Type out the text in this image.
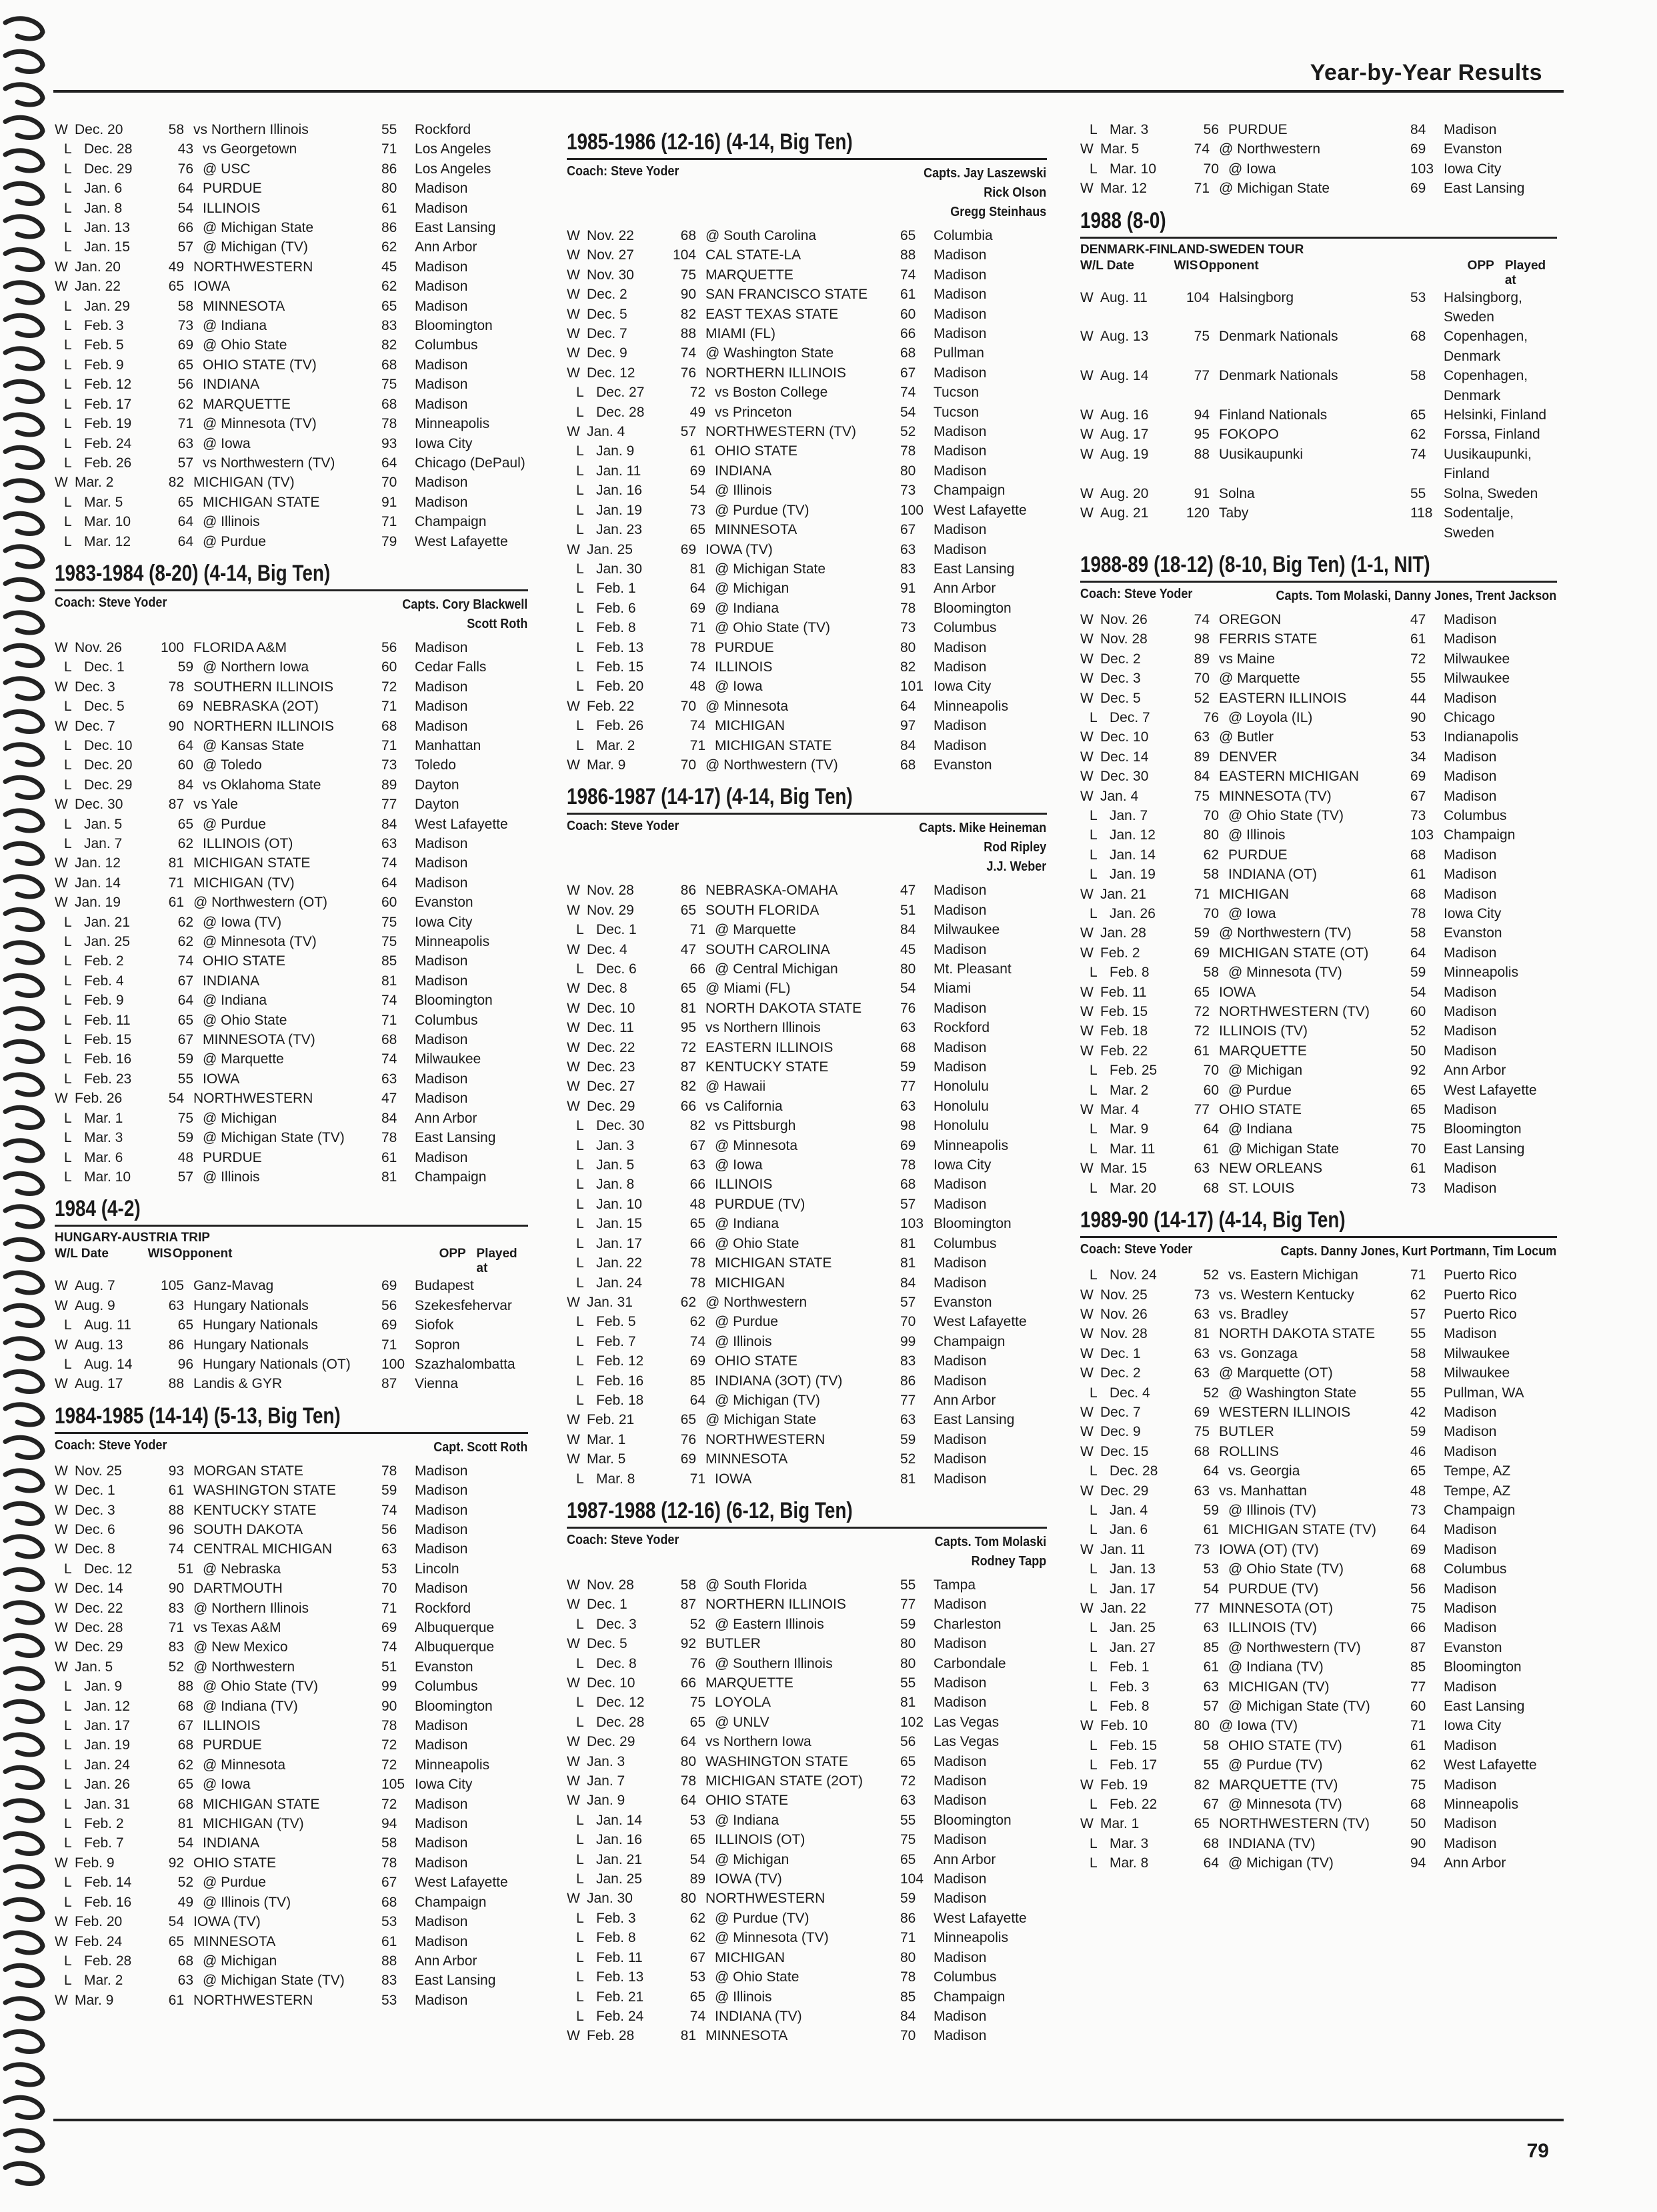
Year-by-Year Results
W Dec. 20	58 vs Northern Illinois	55	Rockford
L Dec. 28	43 vs Georgetown	71	Los Angeles
L Dec. 29	76 @ USC	86	Los Angeles
L Jan. 6	64 PURDUE	80	Madison
L Jan. 8	54 ILLINOIS	61	Madison
L Jan. 13	66 @ Michigan State	86	East Lansing
L Jan. 15	57 @ Michigan (TV)	62	Ann Arbor
W Jan. 20	49 NORTHWESTERN	45	Madison
W Jan. 22	65 IOWA	62	Madison
L Jan. 29	58 MINNESOTA	65	Madison
L Feb. 3	73 @ Indiana	83	Bloomington
L Feb. 5	69 @ Ohio State	82	Columbus
L Feb. 9	65 OHIO STATE (TV)	68	Madison
L Feb. 12	56 INDIANA	75	Madison
L Feb. 17	62 MARQUETTE	68	Madison
L Feb. 19	71 @ Minnesota (TV)	78	Minneapolis
L Feb. 24	63 @ Iowa	93	Iowa City
L Feb. 26	57 vs Northwestern (TV)	64	Chicago (DePaul)
W Mar. 2	82 MICHIGAN (TV)	70	Madison
L Mar. 5	65 MICHIGAN STATE	91	Madison
L Mar. 10	64 @ Illinois	71	Champaign
L Mar. 12	64 @ Purdue	79	West Lafayette
1983-1984 (8-20) (4-14, Big Ten)
Coach: Steve Yoder	Capts. Cory Blackwell
Scott Roth
W Nov. 26	100 FLORIDA A&M	56	Madison
L Dec. 1	59 @ Northern Iowa	60	Cedar Falls
W Dec. 3	78 SOUTHERN ILLINOIS	72	Madison
L Dec. 5	69 NEBRASKA (2OT)	71	Madison
W Dec. 7	90 NORTHERN ILLINOIS	68	Madison
L Dec. 10	64 @ Kansas State	71	Manhattan
L Dec. 20	60 @ Toledo	73	Toledo
L Dec. 29	84 vs Oklahoma State	89	Dayton
W Dec. 30	87 vs Yale	77	Dayton
L Jan. 5	65 @ Purdue	84	West Lafayette
L Jan. 7	62 ILLINOIS (OT)	63	Madison
W Jan. 12	81 MICHIGAN STATE	74	Madison
W Jan. 14	71 MICHIGAN (TV)	64	Madison
W Jan. 19	61 @ Northwestern (OT)	60	Evanston
L Jan. 21	62 @ Iowa (TV)	75	Iowa City
L Jan. 25	62 @ Minnesota (TV)	75	Minneapolis
L Feb. 2	74 OHIO STATE	85	Madison
L Feb. 4	67 INDIANA	81	Madison
L Feb. 9	64 @ Indiana	74	Bloomington
L Feb. 11	65 @ Ohio State	71	Columbus
L Feb. 15	67 MINNESOTA (TV)	68	Madison
L Feb. 16	59 @ Marquette	74	Milwaukee
L Feb. 23	55 IOWA	63	Madison
W Feb. 26	54 NORTHWESTERN	47	Madison
L Mar. 1	75 @ Michigan	84	Ann Arbor
L Mar. 3	59 @ Michigan State (TV)	78	East Lansing
L Mar. 6	48 PURDUE	61	Madison
L Mar. 10	57 @ Illinois	81	Champaign
1984 (4-2)
HUNGARY-AUSTRIA TRIP
W/L Date	WIS Opponent	OPP Played at
W Aug. 7	105 Ganz-Mavag	69	Budapest
W Aug. 9	63 Hungary Nationals	56	Szekesfehervar
L Aug. 11	65 Hungary Nationals	69	Siofok
W Aug. 13	86 Hungary Nationals	71	Sopron
L Aug. 14	96 Hungary Nationals (OT)	100 Szazhalombatta
W Aug. 17	88 Landis & GYR	87	Vienna
1984-1985 (14-14) (5-13, Big Ten)
Coach: Steve Yoder	Capt. Scott Roth
W Nov. 25	93 MORGAN STATE	78	Madison
W Dec. 1	61 WASHINGTON STATE	59	Madison
W Dec. 3	88 KENTUCKY STATE	74	Madison
W Dec. 6	96 SOUTH DAKOTA	56	Madison
W Dec. 8	74 CENTRAL MICHIGAN	63	Madison
L Dec. 12	51 @ Nebraska	53	Lincoln
W Dec. 14	90 DARTMOUTH	70	Madison
W Dec. 22	83 @ Northern Illinois	71	Rockford
W Dec. 28	71 vs Texas A&M	69	Albuquerque
W Dec. 29	83 @ New Mexico	74	Albuquerque
W Jan. 5	52 @ Northwestern	51	Evanston
L Jan. 9	88 @ Ohio State (TV)	99	Columbus
L Jan. 12	68 @ Indiana (TV)	90	Bloomington
L Jan. 17	67 ILLINOIS	78	Madison
L Jan. 19	68 PURDUE	72	Madison
L Jan. 24	62 @ Minnesota	72	Minneapolis
L Jan. 26	65 @ Iowa	105 Iowa City
L Jan. 31	68 MICHIGAN STATE	72	Madison
L Feb. 2	81 MICHIGAN (TV)	94	Madison
L Feb. 7	54 INDIANA	58	Madison
W Feb. 9	92 OHIO STATE	78	Madison
L Feb. 14	52 @ Purdue	67	West Lafayette
L Feb. 16	49 @ Illinois (TV)	68	Champaign
W Feb. 20	54 IOWA (TV)	53	Madison
W Feb. 24	65 MINNESOTA	61	Madison
L Feb. 28	68 @ Michigan	88	Ann Arbor
L Mar. 2	63 @ Michigan State (TV)	83	East Lansing
W Mar. 9	61 NORTHWESTERN	53	Madison
1985-1986 (12-16) (4-14, Big Ten)
Coach: Steve Yoder	Capts. Jay Laszewski
Rick Olson
Gregg Steinhaus
W Nov. 22	68 @ South Carolina	65	Columbia
W Nov. 27	104 CAL STATE-LA	88	Madison
W Nov. 30	75 MARQUETTE	74	Madison
W Dec. 2	90 SAN FRANCISCO STATE	61	Madison
W Dec. 5	82 EAST TEXAS STATE	60	Madison
W Dec. 7	88 MIAMI (FL)	66	Madison
W Dec. 9	74 @ Washington State	68	Pullman
W Dec. 12	76 NORTHERN ILLINOIS	67	Madison
L Dec. 27	72 vs Boston College	74	Tucson
L Dec. 28	49 vs Princeton	54	Tucson
W Jan. 4	57 NORTHWESTERN (TV)	52	Madison
L Jan. 9	61 OHIO STATE	78	Madison
L Jan. 11	69 INDIANA	80	Madison
L Jan. 16	54 @ Illinois	73	Champaign
L Jan. 19	73 @ Purdue (TV)	100 West Lafayette
L Jan. 23	65 MINNESOTA	67	Madison
W Jan. 25	69 IOWA (TV)	63	Madison
L Jan. 30	81 @ Michigan State	83	East Lansing
L Feb. 1	64 @ Michigan	91	Ann Arbor
L Feb. 6	69 @ Indiana	78	Bloomington
L Feb. 8	71 @ Ohio State (TV)	73	Columbus
L Feb. 13	78 PURDUE	80	Madison
L Feb. 15	74 ILLINOIS	82	Madison
L Feb. 20	48 @ Iowa	101 Iowa City
W Feb. 22	70 @ Minnesota	64	Minneapolis
L Feb. 26	74 MICHIGAN	97	Madison
L Mar. 2	71 MICHIGAN STATE	84	Madison
W Mar. 9	70 @ Northwestern (TV)	68	Evanston
1986-1987 (14-17) (4-14, Big Ten)
Coach: Steve Yoder	Capts. Mike Heineman
Rod Ripley
J.J. Weber
W Nov. 28	86 NEBRASKA-OMAHA	47	Madison
W Nov. 29	65 SOUTH FLORIDA	51	Madison
L Dec. 1	71 @ Marquette	84	Milwaukee
W Dec. 4	47 SOUTH CAROLINA	45	Madison
L Dec. 6	66 @ Central Michigan	80	Mt. Pleasant
W Dec. 8	65 @ Miami (FL)	54	Miami
W Dec. 10	81 NORTH DAKOTA STATE	76	Madison
W Dec. 11	95 vs Northern Illinois	63	Rockford
W Dec. 22	72 EASTERN ILLINOIS	68	Madison
W Dec. 23	87 KENTUCKY STATE	59	Madison
W Dec. 27	82 @ Hawaii	77	Honolulu
W Dec. 29	66 vs California	63	Honolulu
L Dec. 30	82 vs Pittsburgh	98	Honolulu
L Jan. 3	67 @ Minnesota	69	Minneapolis
L Jan. 5	63 @ Iowa	78	Iowa City
L Jan. 8	66 ILLINOIS	68	Madison
L Jan. 10	48 PURDUE (TV)	57	Madison
L Jan. 15	65 @ Indiana	103 Bloomington
L Jan. 17	66 @ Ohio State	81	Columbus
L Jan. 22	78 MICHIGAN STATE	81	Madison
L Jan. 24	78 MICHIGAN	84	Madison
W Jan. 31	62 @ Northwestern	57	Evanston
L Feb. 5	62 @ Purdue	70	West Lafayette
L Feb. 7	74 @ Illinois	99	Champaign
L Feb. 12	69 OHIO STATE	83	Madison
L Feb. 16	85 INDIANA (3OT) (TV)	86	Madison
L Feb. 18	64 @ Michigan (TV)	77	Ann Arbor
W Feb. 21	65 @ Michigan State	63	East Lansing
W Mar. 1	76 NORTHWESTERN	59	Madison
W Mar. 5	69 MINNESOTA	52	Madison
L Mar. 8	71 IOWA	81	Madison
1987-1988 (12-16) (6-12, Big Ten)
Coach: Steve Yoder	Capts. Tom Molaski
Rodney Tapp
W Nov. 28	58 @ South Florida	55	Tampa
W Dec. 1	87 NORTHERN ILLINOIS	77	Madison
L Dec. 3	52 @ Eastern Illinois	59	Charleston
W Dec. 5	92 BUTLER	80	Madison
L Dec. 8	76 @ Southern Illinois	80	Carbondale
W Dec. 10	66 MARQUETTE	55	Madison
L Dec. 12	75 LOYOLA	81	Madison
L Dec. 28	65 @ UNLV	102 Las Vegas
W Dec. 29	64 vs Northern Iowa	56	Las Vegas
W Jan. 3	80 WASHINGTON STATE	65	Madison
W Jan. 7	78 MICHIGAN STATE (2OT)	72	Madison
W Jan. 9	64 OHIO STATE	63	Madison
L Jan. 14	53 @ Indiana	55	Bloomington
L Jan. 16	65 ILLINOIS (OT)	75	Madison
L Jan. 21	54 @ Michigan	65	Ann Arbor
L Jan. 25	89 IOWA (TV)	104 Madison
W Jan. 30	80 NORTHWESTERN	59	Madison
L Feb. 3	62 @ Purdue (TV)	86	West Lafayette
L Feb. 8	62 @ Minnesota (TV)	71	Minneapolis
L Feb. 11	67 MICHIGAN	80	Madison
L Feb. 13	53 @ Ohio State	78	Columbus
L Feb. 21	65 @ Illinois	85	Champaign
L Feb. 24	74 INDIANA (TV)	84	Madison
W Feb. 28	81 MINNESOTA	70	Madison
L Mar. 3	56 PURDUE	84	Madison
W Mar. 5	74 @ Northwestern	69	Evanston
L Mar. 10	70 @ Iowa	103 Iowa City
W Mar. 12	71 @ Michigan State	69	East Lansing
1988 (8-0)
DENMARK-FINLAND-SWEDEN TOUR
W/L Date	WIS Opponent	OPP Played at
W Aug. 11	104 Halsingborg	53	Halsingborg, Sweden
W Aug. 13	75 Denmark Nationals	68	Copenhagen, Denmark
W Aug. 14	77 Denmark Nationals	58	Copenhagen, Denmark
W Aug. 16	94 Finland Nationals	65	Helsinki, Finland
W Aug. 17	95 FOKOPO	62	Forssa, Finland
W Aug. 19	88 Uusikaupunki	74	Uusikaupunki, Finland
W Aug. 20	91 Solna	55	Solna, Sweden
W Aug. 21	120 Taby	118 Sodentalje, Sweden
1988-89 (18-12) (8-10, Big Ten) (1-1, NIT)
Coach: Steve Yoder	Capts. Tom Molaski, Danny Jones, Trent Jackson
W Nov. 26	74 OREGON	47	Madison
W Nov. 28	98 FERRIS STATE	61	Madison
W Dec. 2	89 vs Maine	72	Milwaukee
W Dec. 3	70 @ Marquette	55	Milwaukee
W Dec. 5	52 EASTERN ILLINOIS	44	Madison
L Dec. 7	76 @ Loyola (IL)	90	Chicago
W Dec. 10	63 @ Butler	53	Indianapolis
W Dec. 14	89 DENVER	34	Madison
W Dec. 30	84 EASTERN MICHIGAN	69	Madison
W Jan. 4	75 MINNESOTA (TV)	67	Madison
L Jan. 7	70 @ Ohio State (TV)	73	Columbus
L Jan. 12	80 @ Illinois	103 Champaign
L Jan. 14	62 PURDUE	68	Madison
L Jan. 19	58 INDIANA (OT)	61	Madison
W Jan. 21	71 MICHIGAN	68	Madison
L Jan. 26	70 @ Iowa	78	Iowa City
W Jan. 28	59 @ Northwestern (TV)	58	Evanston
W Feb. 2	69 MICHIGAN STATE (OT)	64	Madison
L Feb. 8	58 @ Minnesota (TV)	59	Minneapolis
W Feb. 11	65 IOWA	54	Madison
W Feb. 15	72 NORTHWESTERN (TV)	60	Madison
W Feb. 18	72 ILLINOIS (TV)	52	Madison
W Feb. 22	61 MARQUETTE	50	Madison
L Feb. 25	70 @ Michigan	92	Ann Arbor
L Mar. 2	60 @ Purdue	65	West Lafayette
W Mar. 4	77 OHIO STATE	65	Madison
L Mar. 9	64 @ Indiana	75	Bloomington
L Mar. 11	61 @ Michigan State	70	East Lansing
W Mar. 15	63 NEW ORLEANS	61	Madison
L Mar. 20	68 ST. LOUIS	73	Madison
1989-90 (14-17) (4-14, Big Ten)
Coach: Steve Yoder	Capts. Danny Jones, Kurt Portmann, Tim Locum
L Nov. 24	52 vs. Eastern Michigan	71	Puerto Rico
W Nov. 25	73 vs. Western Kentucky	62	Puerto Rico
W Nov. 26	63 vs. Bradley	57	Puerto Rico
W Nov. 28	81 NORTH DAKOTA STATE	55	Madison
W Dec. 1	63 vs. Gonzaga	58	Milwaukee
W Dec. 2	63 @ Marquette (OT)	58	Milwaukee
L Dec. 4	52 @ Washington State	55	Pullman, WA
W Dec. 7	69 WESTERN ILLINOIS	42	Madison
W Dec. 9	75 BUTLER	59	Madison
W Dec. 15	68 ROLLINS	46	Madison
L Dec. 28	64 vs. Georgia	65	Tempe, AZ
W Dec. 29	63 vs. Manhattan	48	Tempe, AZ
L Jan. 4	59 @ Illinois (TV)	73	Champaign
L Jan. 6	61 MICHIGAN STATE (TV)	64	Madison
W Jan. 11	73 IOWA (OT) (TV)	69	Madison
L Jan. 13	53 @ Ohio State (TV)	68	Columbus
L Jan. 17	54 PURDUE (TV)	56	Madison
W Jan. 22	77 MINNESOTA (OT)	75	Madison
L Jan. 25	63 ILLINOIS (TV)	66	Madison
L Jan. 27	85 @ Northwestern (TV)	87	Evanston
L Feb. 1	61 @ Indiana (TV)	85	Bloomington
L Feb. 3	63 MICHIGAN (TV)	77	Madison
L Feb. 8	57 @ Michigan State (TV)	60	East Lansing
W Feb. 10	80 @ Iowa (TV)	71	Iowa City
L Feb. 15	58 OHIO STATE (TV)	61	Madison
L Feb. 17	55 @ Purdue (TV)	62	West Lafayette
W Feb. 19	82 MARQUETTE (TV)	75	Madison
L Feb. 22	67 @ Minnesota (TV)	68	Minneapolis
W Mar. 1	65 NORTHWESTERN (TV)	50	Madison
L Mar. 3	68 INDIANA (TV)	90	Madison
L Mar. 8	64 @ Michigan (TV)	94	Ann Arbor
79
